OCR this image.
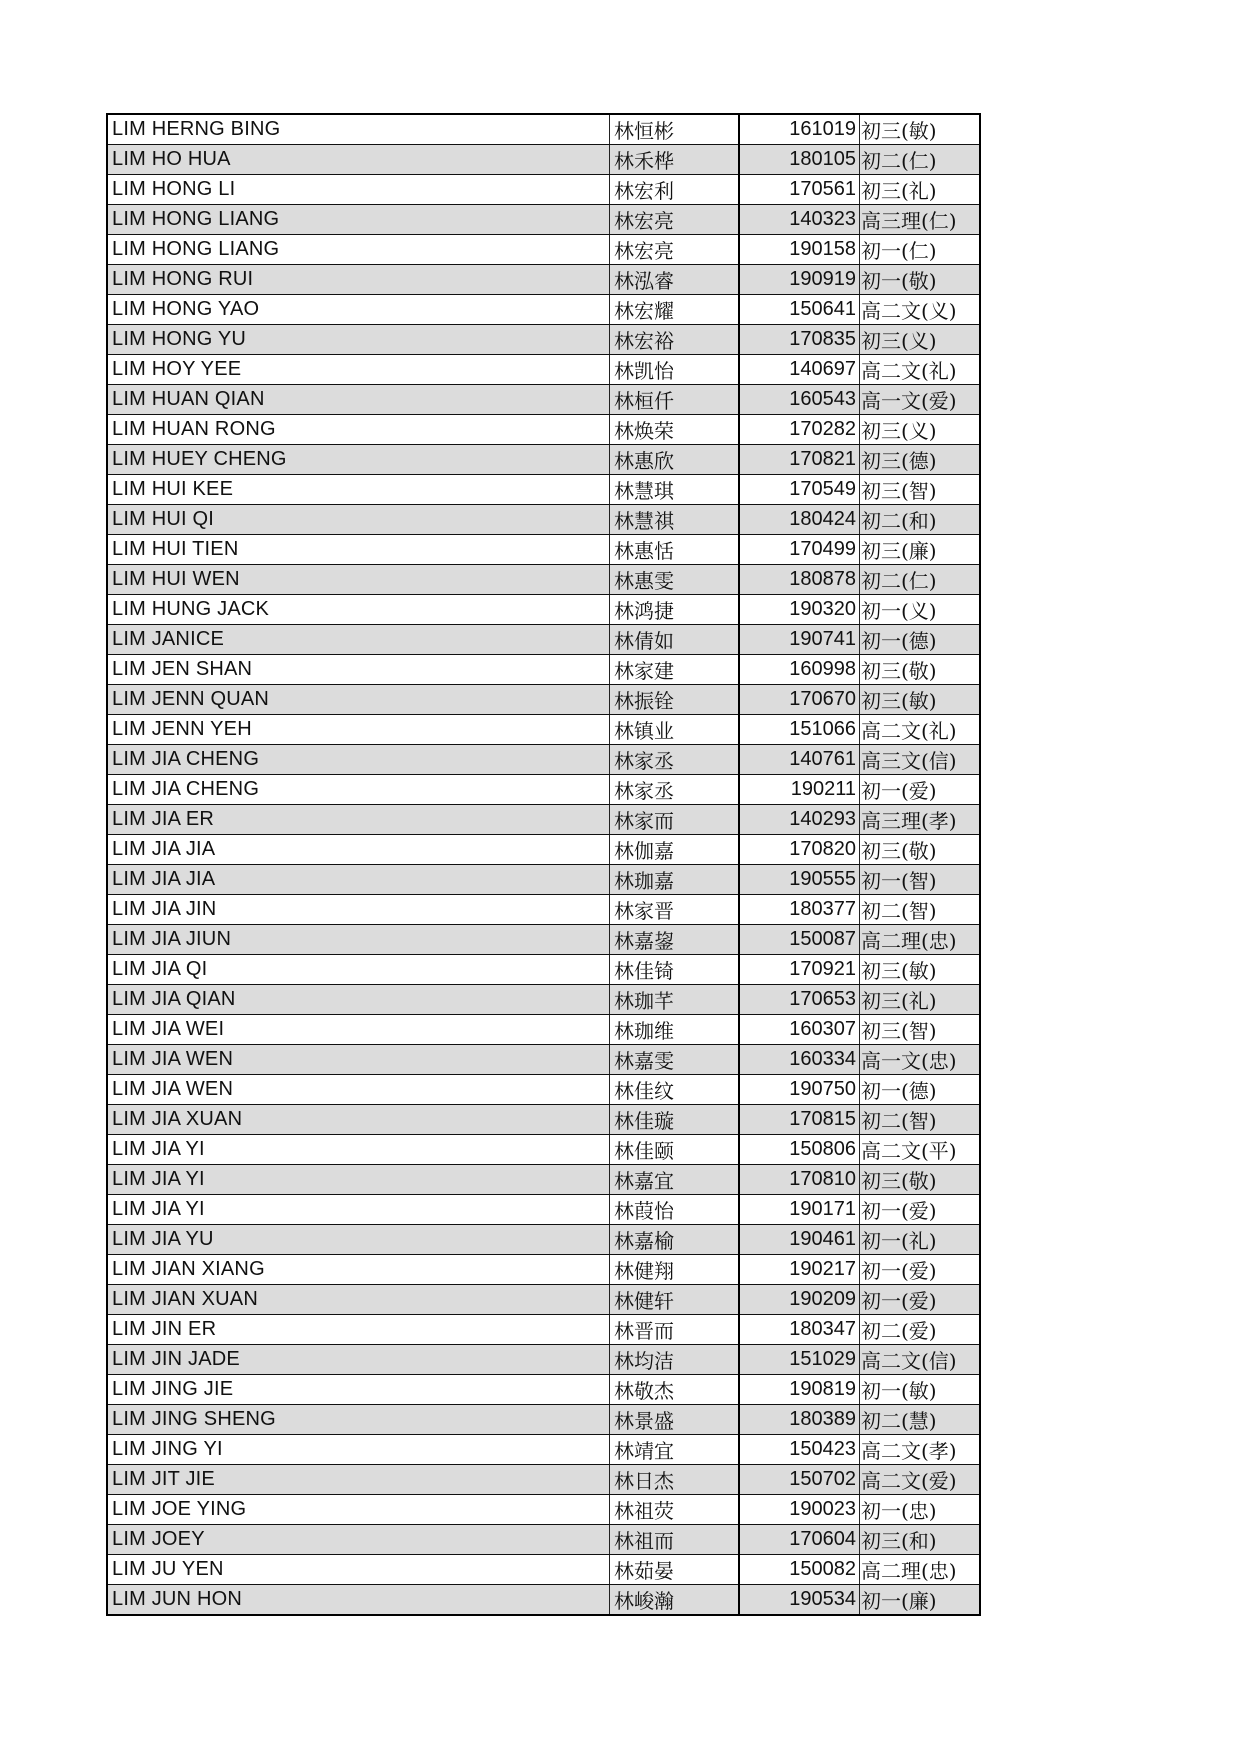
LIM HERNG BING	林恒彬	161019	初三(敏)
LIM HO HUA	林禾桦	180105	初二(仁)
LIM HONG LI	林宏利	170561	初三(礼)
LIM HONG LIANG	林宏亮	140323	高三理(仁)
LIM HONG LIANG	林宏亮	190158	初一(仁)
LIM HONG RUI	林泓睿	190919	初一(敬)
LIM HONG YAO	林宏耀	150641	高二文(义)
LIM HONG YU	林宏裕	170835	初三(义)
LIM HOY YEE	林凯怡	140697	高二文(礼)
LIM HUAN QIAN	林桓仟	160543	高一文(爱)
LIM HUAN RONG	林焕荣	170282	初三(义)
LIM HUEY CHENG	林惠欣	170821	初三(德)
LIM HUI KEE	林慧琪	170549	初三(智)
LIM HUI QI	林慧祺	180424	初二(和)
LIM HUI TIEN	林惠恬	170499	初三(廉)
LIM HUI WEN	林惠雯	180878	初二(仁)
LIM HUNG JACK	林鸿捷	190320	初一(义)
LIM JANICE	林倩如	190741	初一(德)
LIM JEN SHAN	林家建	160998	初三(敬)
LIM JENN QUAN	林振铨	170670	初三(敏)
LIM JENN YEH	林镇业	151066	高二文(礼)
LIM JIA CHENG	林家丞	140761	高三文(信)
LIM JIA CHENG	林家丞	190211	初一(爱)
LIM JIA ER	林家而	140293	高三理(孝)
LIM JIA JIA	林伽嘉	170820	初三(敬)
LIM JIA JIA	林珈嘉	190555	初一(智)
LIM JIA JIN	林家晋	180377	初二(智)
LIM JIA JIUN	林嘉鋆	150087	高二理(忠)
LIM JIA QI	林佳锜	170921	初三(敏)
LIM JIA QIAN	林珈芊	170653	初三(礼)
LIM JIA WEI	林珈维	160307	初三(智)
LIM JIA WEN	林嘉雯	160334	高一文(忠)
LIM JIA WEN	林佳纹	190750	初一(德)
LIM JIA XUAN	林佳璇	170815	初二(智)
LIM JIA YI	林佳颐	150806	高二文(平)
LIM JIA YI	林嘉宜	170810	初三(敬)
LIM JIA YI	林葭怡	190171	初一(爱)
LIM JIA YU	林嘉榆	190461	初一(礼)
LIM JIAN XIANG	林健翔	190217	初一(爱)
LIM JIAN XUAN	林健轩	190209	初一(爱)
LIM JIN ER	林晋而	180347	初二(爱)
LIM JIN JADE	林均洁	151029	高二文(信)
LIM JING JIE	林敬杰	190819	初一(敏)
LIM JING SHENG	林景盛	180389	初二(慧)
LIM JING YI	林靖宜	150423	高二文(孝)
LIM JIT JIE	林日杰	150702	高二文(爱)
LIM JOE YING	林祖荧	190023	初一(忠)
LIM JOEY	林祖而	170604	初三(和)
LIM JU YEN	林茹晏	150082	高二理(忠)
LIM JUN HON	林峻瀚	190534	初一(廉)
